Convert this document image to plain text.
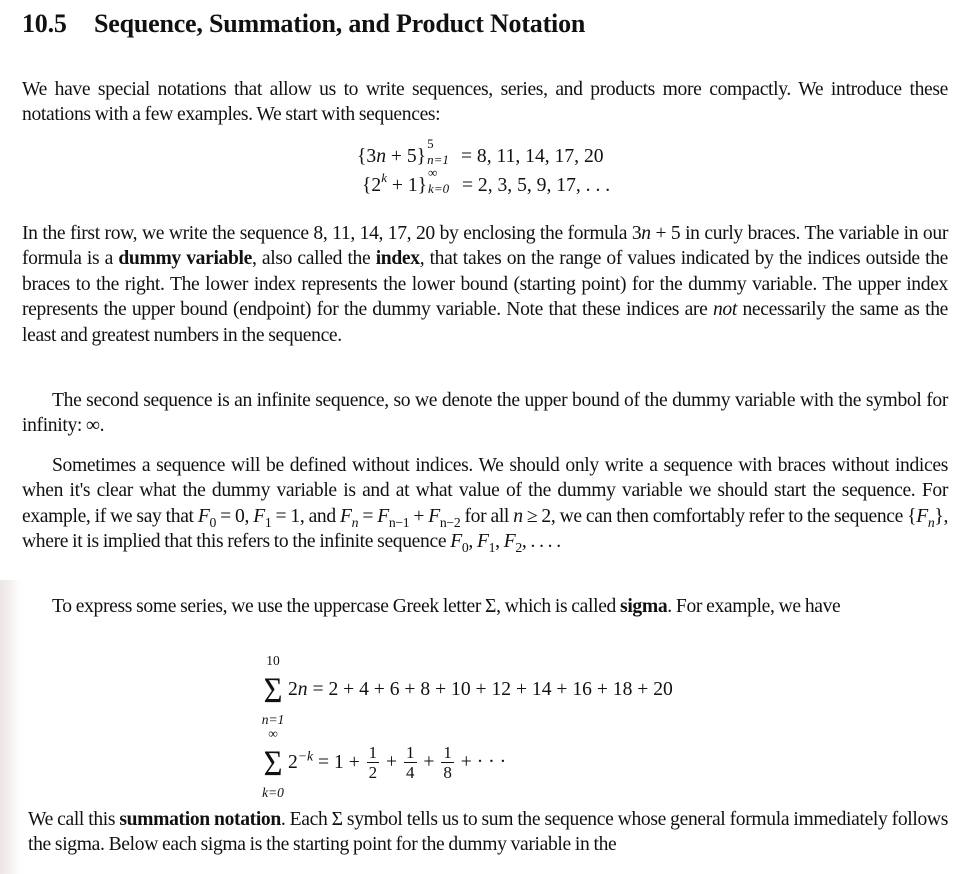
10.5 Sequence, Summation, and Product Notation

We have special notations that allow us to write sequences, series, and products more compactly. We introduce these notations with a few examples. We start with sequences:

{3n + 5}
5
n=1 = 8, 11, 14, 17, 20
$\{2^k + 1\}$
∞
k=0 = 2, 3, 5, 9, 17, . . .

In the first row, we write the sequence 8, 11, 14, 17, 20 by enclosing the formula 3n + 5 in curly braces. The variable in our formula is a dummy variable, also called the index, that takes on the range of values indicated by the indices outside the braces to the right. The lower index represents the lower bound (starting point) for the dummy variable. The upper index represents the upper bound (endpoint) for the dummy variable. Note that these indices are not necessarily the same as the least and greatest numbers in the sequence.

The second sequence is an infinite sequence, so we denote the upper bound of the dummy variable with the symbol for infinity: ∞.

Sometimes a sequence will be defined without indices. We should only write a sequence with braces without indices when it's clear what the dummy variable is and at what value of the dummy variable we should start the sequence. For example, if we say that $F_0 = 0$, $F_1 = 1$, and $F_n = F_{n-1} + F_{n-2}$ for all n ≥ 2, we can then comfortably refer to the sequence $\{F_n\}$, where it is implied that this refers to the infinite sequence $F_0$, $F_1$, $F_2$, . . . .

To express some series, we use the uppercase Greek letter Σ, which is called sigma. For example, we have

10
Σ
n=1
2n = 2 + 4 + 6 + 8 + 10 + 12 + 14 + 16 + 18 + 20
∞
Σ
k=0
$2^{-k} = 1 + \frac{1}{2} + \frac{1}{4} + \frac{1}{8}$ + · · ·

We call this summation notation. Each Σ symbol tells us to sum the sequence whose general formula immediately follows the sigma. Below each sigma is the starting point for the dummy variable in the
